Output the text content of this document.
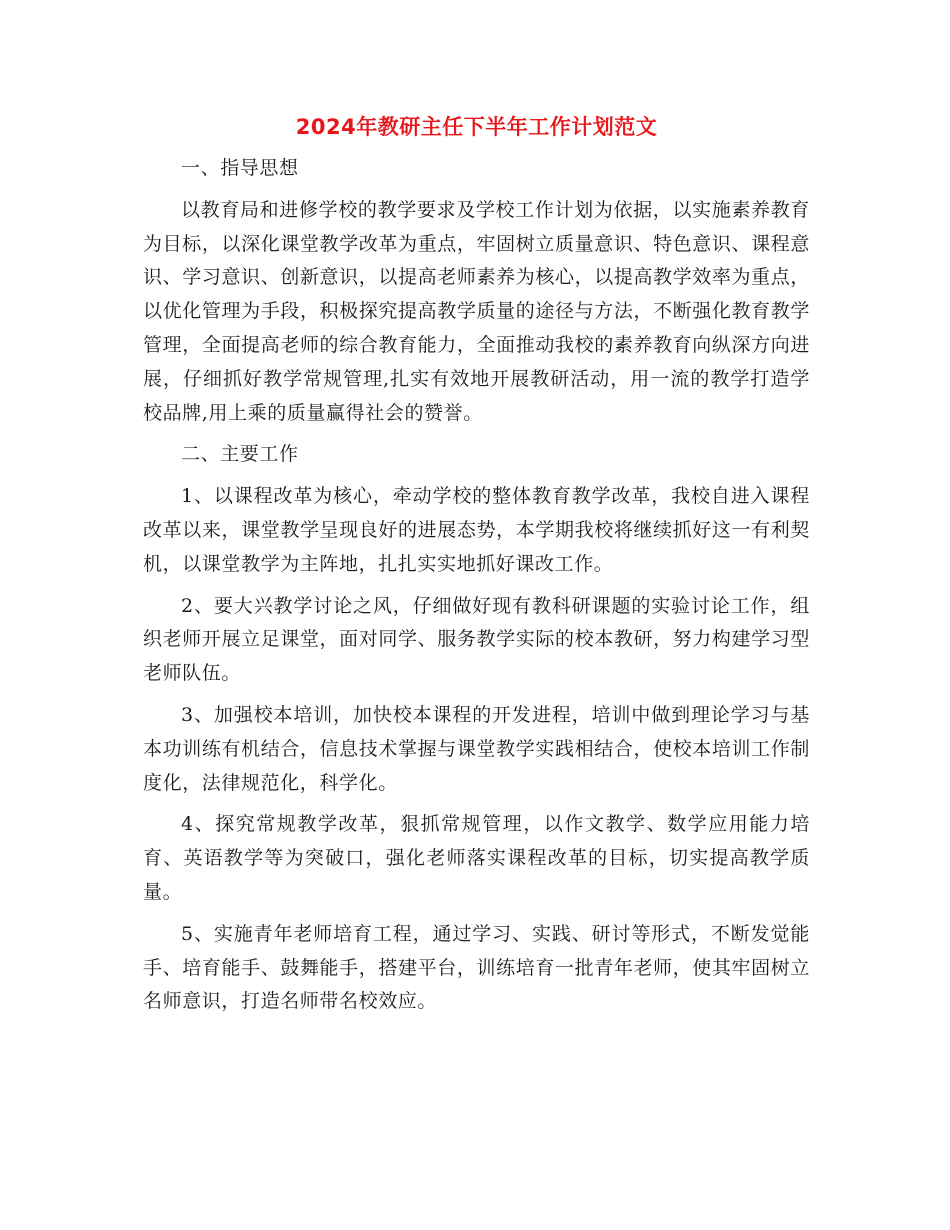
2024年教研主任下半年工作计划范文

一、指导思想

以教育局和进修学校的教学要求及学校工作计划为依据，以实施素养教育为目标，以深化课堂教学改革为重点，牢固树立质量意识、特色意识、课程意识、学习意识、创新意识，以提高老师素养为核心，以提高教学效率为重点，以优化管理为手段，积极探究提高教学质量的途径与方法，不断强化教育教学管理，全面提高老师的综合教育能力，全面推动我校的素养教育向纵深方向进展，仔细抓好教学常规管理,扎实有效地开展教研活动，用一流的教学打造学校品牌,用上乘的质量赢得社会的赞誉。

二、主要工作

1、以课程改革为核心，牵动学校的整体教育教学改革，我校自进入课程改革以来，课堂教学呈现良好的进展态势，本学期我校将继续抓好这一有利契机，以课堂教学为主阵地，扎扎实实地抓好课改工作。

2、要大兴教学讨论之风，仔细做好现有教科研课题的实验讨论工作，组织老师开展立足课堂，面对同学、服务教学实际的校本教研，努力构建学习型老师队伍。

3、加强校本培训，加快校本课程的开发进程，培训中做到理论学习与基本功训练有机结合，信息技术掌握与课堂教学实践相结合，使校本培训工作制度化，法律规范化，科学化。

4、探究常规教学改革，狠抓常规管理，以作文教学、数学应用能力培育、英语教学等为突破口，强化老师落实课程改革的目标，切实提高教学质量。

5、实施青年老师培育工程，通过学习、实践、研讨等形式，不断发觉能手、培育能手、鼓舞能手，搭建平台，训练培育一批青年老师，使其牢固树立名师意识，打造名师带名校效应。
